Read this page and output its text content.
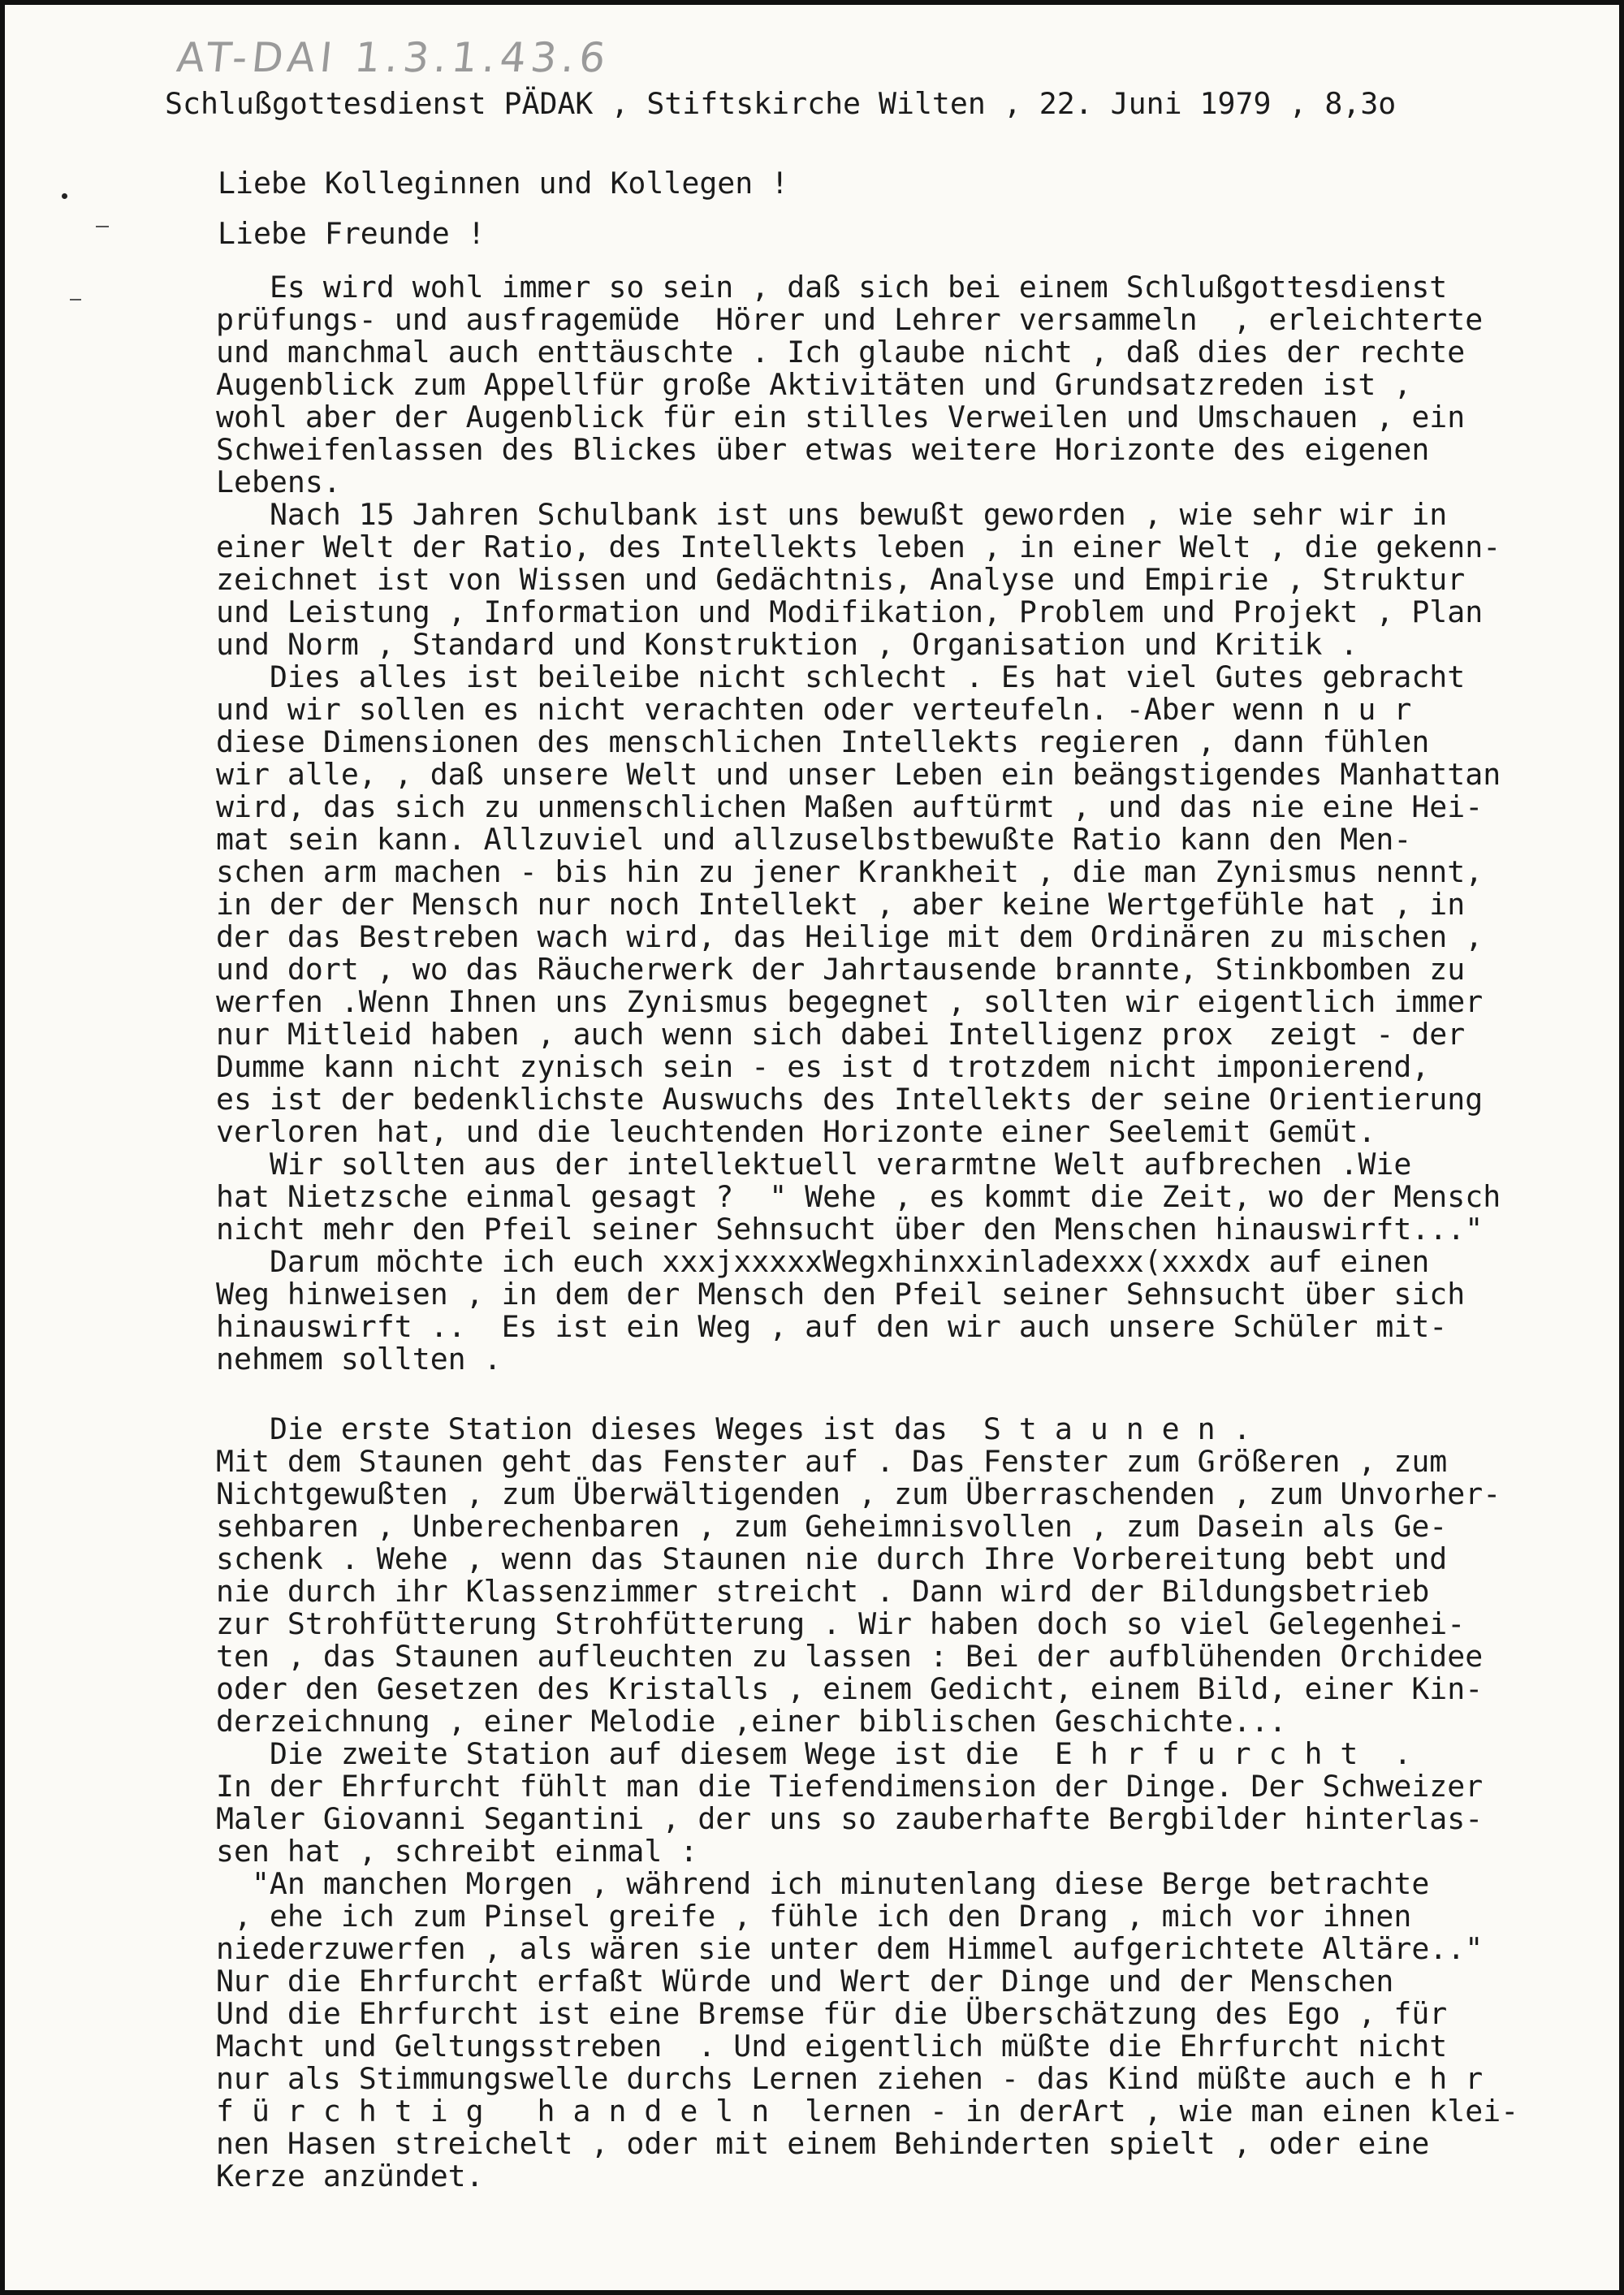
AT-DAI 1.3.1.43.6
Schlußgottesdienst PÄDAK , Stiftskirche Wilten , 22. Juni 1979 , 8,3o

Liebe Kolleginnen und Kollegen !

Liebe Freunde !

Es wird wohl immer so sein , daß sich bei einem Schlußgottesdienst

prüfungs- und ausfragemüde  Hörer und Lehrer versammeln  , erleichterte

und manchmal auch enttäuschte . Ich glaube nicht , daß dies der rechte

Augenblick zum Appellfür große Aktivitäten und Grundsatzreden ist ,

wohl aber der Augenblick für ein stilles Verweilen und Umschauen , ein

Schweifenlassen des Blickes über etwas weitere Horizonte des eigenen

Lebens.

Nach 15 Jahren Schulbank ist uns bewußt geworden , wie sehr wir in

einer Welt der Ratio, des Intellekts leben , in einer Welt , die gekenn-

zeichnet ist von Wissen und Gedächtnis, Analyse und Empirie , Struktur

und Leistung , Information und Modifikation, Problem und Projekt , Plan

und Norm , Standard und Konstruktion , Organisation und Kritik .

Dies alles ist beileibe nicht schlecht . Es hat viel Gutes gebracht

und wir sollen es nicht verachten oder verteufeln. -Aber wenn n u r

diese Dimensionen des menschlichen Intellekts regieren , dann fühlen

wir alle, , daß unsere Welt und unser Leben ein beängstigendes Manhattan

wird, das sich zu unmenschlichen Maßen auftürmt , und das nie eine Hei-

mat sein kann. Allzuviel und allzuselbstbewußte Ratio kann den Men-

schen arm machen - bis hin zu jener Krankheit , die man Zynismus nennt,

in der der Mensch nur noch Intellekt , aber keine Wertgefühle hat , in

der das Bestreben wach wird, das Heilige mit dem Ordinären zu mischen ,

und dort , wo das Räucherwerk der Jahrtausende brannte, Stinkbomben zu

werfen .Wenn Ihnen uns Zynismus begegnet , sollten wir eigentlich immer

nur Mitleid haben , auch wenn sich dabei Intelligenz prox  zeigt - der

Dumme kann nicht zynisch sein - es ist d trotzdem nicht imponierend,

es ist der bedenklichste Auswuchs des Intellekts der seine Orientierung

verloren hat, und die leuchtenden Horizonte einer Seelemit Gemüt.

Wir sollten aus der intellektuell verarmtne Welt aufbrechen .Wie

hat Nietzsche einmal gesagt ?  " Wehe , es kommt die Zeit, wo der Mensch

nicht mehr den Pfeil seiner Sehnsucht über den Menschen hinauswirft..."

Darum möchte ich euch xxxjxxxxxWegxhinxxinladexxx(xxxdx auf einen

Weg hinweisen , in dem der Mensch den Pfeil seiner Sehnsucht über sich

hinauswirft ..  Es ist ein Weg , auf den wir auch unsere Schüler mit-

nehmem sollten .

Die erste Station dieses Weges ist das  S t a u n e n .

Mit dem Staunen geht das Fenster auf . Das Fenster zum Größeren , zum

Nichtgewußten , zum Überwältigenden , zum Überraschenden , zum Unvorher-

sehbaren , Unberechenbaren , zum Geheimnisvollen , zum Dasein als Ge-

schenk . Wehe , wenn das Staunen nie durch Ihre Vorbereitung bebt und

nie durch ihr Klassenzimmer streicht . Dann wird der Bildungsbetrieb

zur Strohfütterung Strohfütterung . Wir haben doch so viel Gelegenhei-

ten , das Staunen aufleuchten zu lassen : Bei der aufblühenden Orchidee

oder den Gesetzen des Kristalls , einem Gedicht, einem Bild, einer Kin-

derzeichnung , einer Melodie ,einer biblischen Geschichte...

Die zweite Station auf diesem Wege ist die  E h r f u r c h t  .

In der Ehrfurcht fühlt man die Tiefendimension der Dinge. Der Schweizer

Maler Giovanni Segantini , der uns so zauberhafte Bergbilder hinterlas-

sen hat , schreibt einmal :

"An manchen Morgen , während ich minutenlang diese Berge betrachte

, ehe ich zum Pinsel greife , fühle ich den Drang , mich vor ihnen

niederzuwerfen , als wären sie unter dem Himmel aufgerichtete Altäre.."

Nur die Ehrfurcht erfaßt Würde und Wert der Dinge und der Menschen

Und die Ehrfurcht ist eine Bremse für die Überschätzung des Ego , für

Macht und Geltungsstreben  . Und eigentlich müßte die Ehrfurcht nicht

nur als Stimmungswelle durchs Lernen ziehen - das Kind müßte auch e h r

f ü r c h t i g   h a n d e l n  lernen - in derArt , wie man einen klei-

nen Hasen streichelt , oder mit einem Behinderten spielt , oder eine

Kerze anzündet.
